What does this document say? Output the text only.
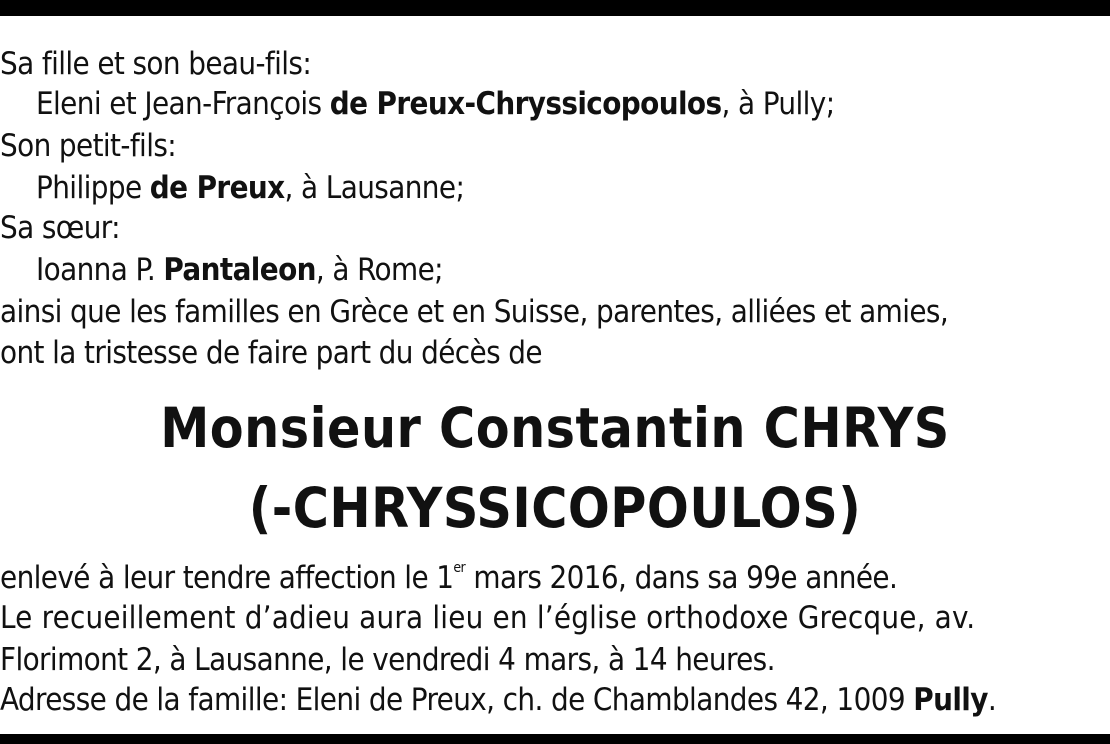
Sa fille et son beau-fils:
Eleni et Jean-François de Preux-Chryssicopoulos, à Pully;
Son petit-fils:
Philippe de Preux, à Lausanne;
Sa sœur:
Ioanna P. Pantaleon, à Rome;
ainsi que les familles en Grèce et en Suisse, parentes, alliées et amies,
ont la tristesse de faire part du décès de
Monsieur Constantin CHRYS
(-CHRYSSICOPOULOS)
enlevé à leur tendre affection le 1er mars 2016, dans sa 99e année.
Le recueillement d’adieu aura lieu en l’église orthodoxe Grecque, av.
Florimont 2, à Lausanne, le vendredi 4 mars, à 14 heures.
Adresse de la famille: Eleni de Preux, ch. de Chamblandes 42, 1009 Pully.
